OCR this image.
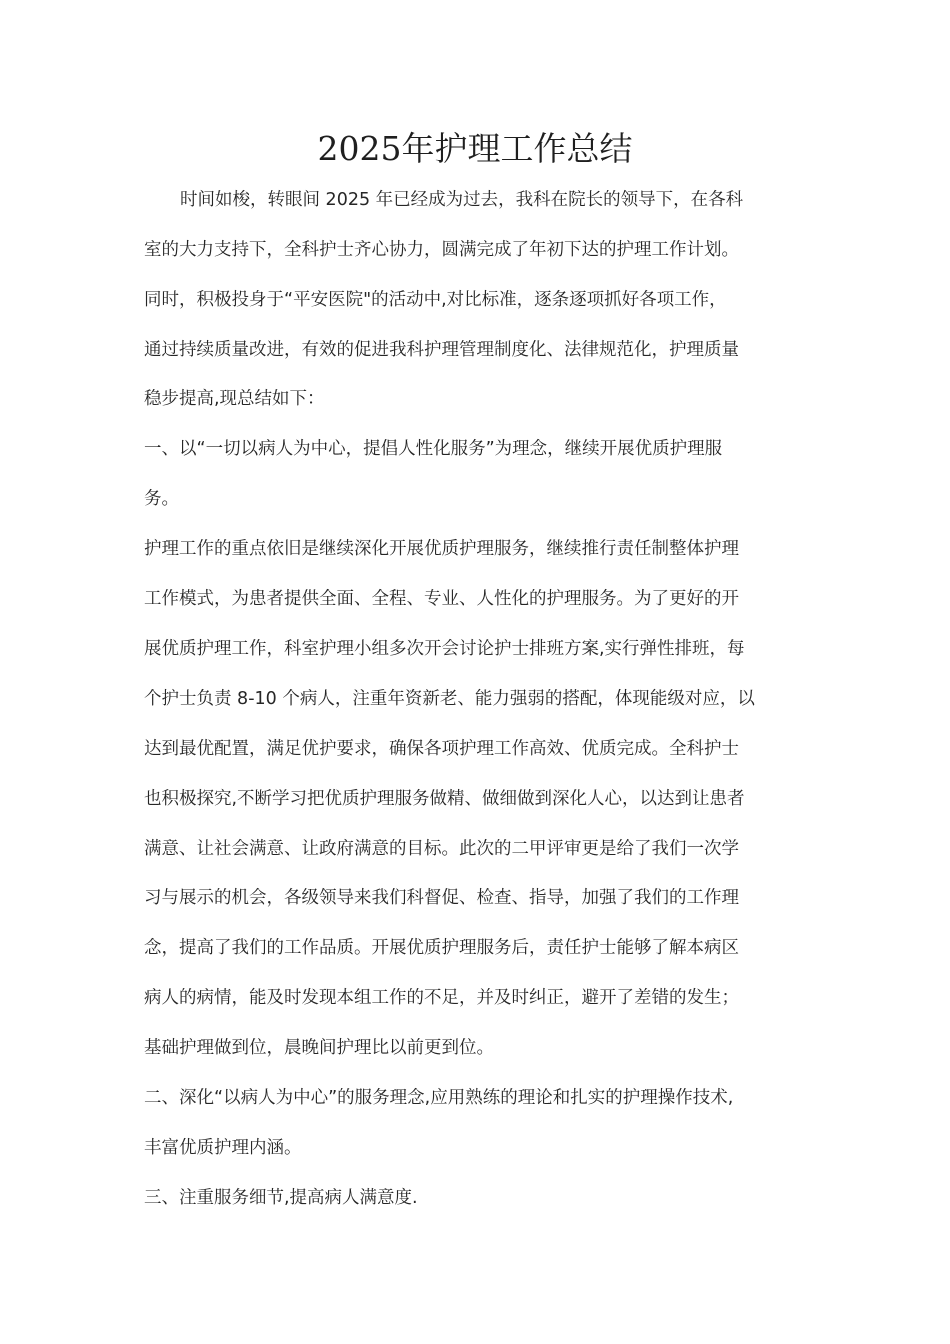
2025年护理工作总结
时间如梭，转眼间 2025 年已经成为过去，我科在院长的领导下，在各科
室的大力支持下，全科护士齐心协力，圆满完成了年初下达的护理工作计划。
同时，积极投身于“平安医院"的活动中,对比标准，逐条逐项抓好各项工作，
通过持续质量改进，有效的促进我科护理管理制度化、法律规范化，护理质量
稳步提高,现总结如下：
一、以“一切以病人为中心，提倡人性化服务”为理念，继续开展优质护理服
务。
护理工作的重点依旧是继续深化开展优质护理服务，继续推行责任制整体护理
工作模式，为患者提供全面、全程、专业、人性化的护理服务。为了更好的开
展优质护理工作，科室护理小组多次开会讨论护士排班方案,实行弹性排班，每
个护士负责 8-10 个病人，注重年资新老、能力强弱的搭配，体现能级对应，以
达到最优配置，满足优护要求，确保各项护理工作高效、优质完成。全科护士
也积极探究,不断学习把优质护理服务做精、做细做到深化人心，以达到让患者
满意、让社会满意、让政府满意的目标。此次的二甲评审更是给了我们一次学
习与展示的机会，各级领导来我们科督促、检查、指导，加强了我们的工作理
念，提高了我们的工作品质。开展优质护理服务后，责任护士能够了解本病区
病人的病情，能及时发现本组工作的不足，并及时纠正，避开了差错的发生；
基础护理做到位，晨晚间护理比以前更到位。
二、深化“以病人为中心”的服务理念,应用熟练的理论和扎实的护理操作技术,
丰富优质护理内涵。
三、注重服务细节,提高病人满意度.
